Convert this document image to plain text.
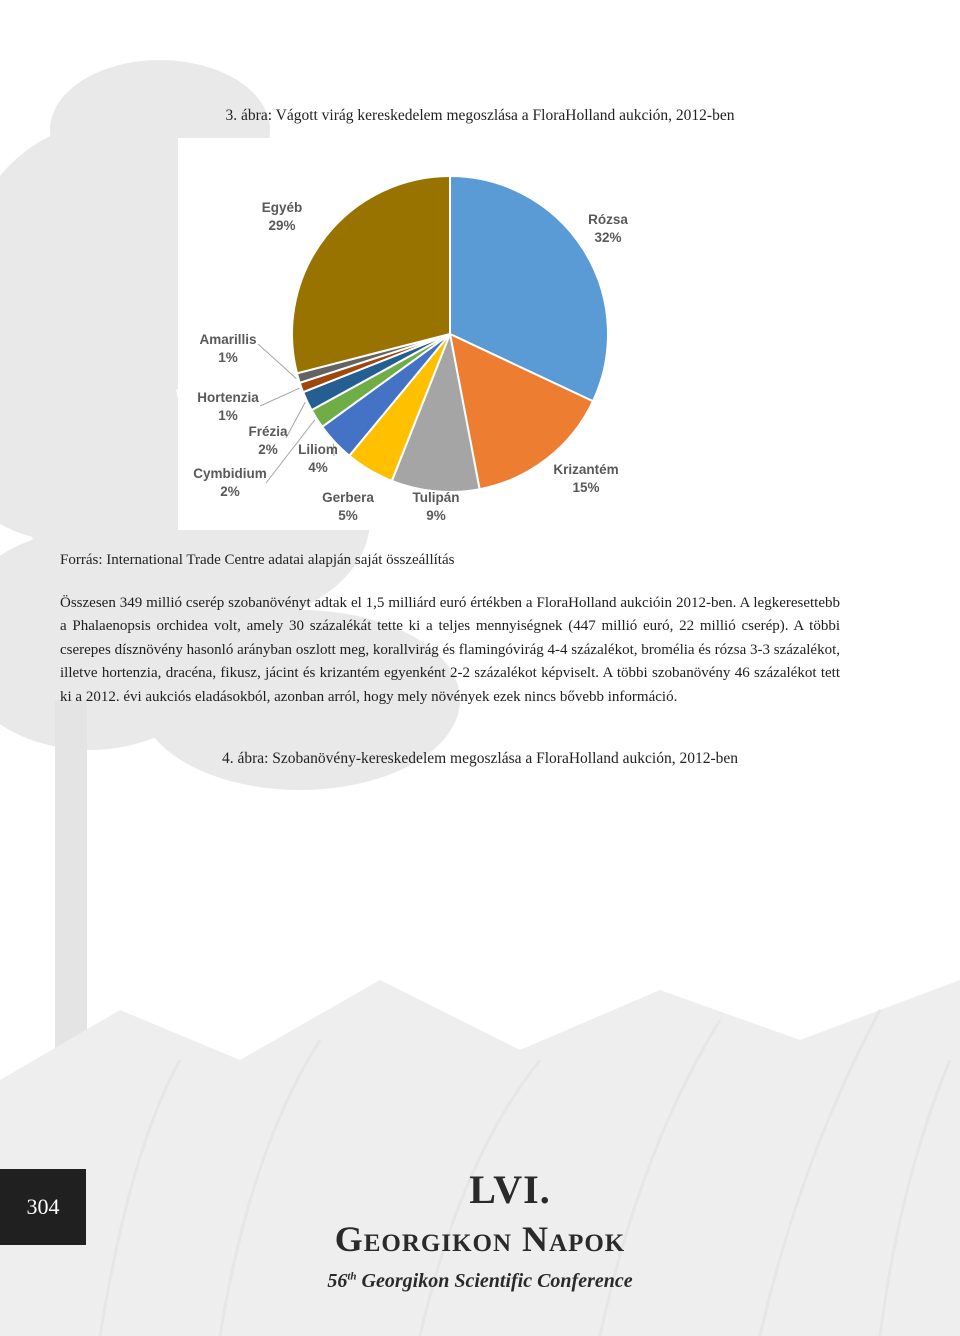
3. ábra: Vágott virág kereskedelem megoszlása a FloraHolland aukción, 2012-ben
Rózsa
32%
Krizantém
15%
Tulipán
9%
Gerbera
5%
Liliom
4%
Cymbidium
2%
Frézia
2%
Hortenzia
1%
Amarillis
1%
Egyéb
29%
Forrás: International Trade Centre adatai alapján saját összeállítás

Összesen 349 millió cserép szobanövényt adtak el 1,5 milliárd euró értékben a FloraHolland aukcióin 2012-ben. A legkeresettebb a Phalaenopsis orchidea volt, amely 30 százalékát tette ki a teljes mennyiségnek (447 millió euró, 22 millió cserép). A többi cserepes dísznövény hasonló arányban oszlott meg, korallvirág és flamingóvirág 4-4 százalékot, bromélia és rózsa 3-3 százalékot, illetve hortenzia, dracéna, fikusz, jácint és krizantém egyenként 2-2 százalékot képviselt. A többi szobanövény 46 százalékot tett ki a 2012. évi aukciós eladásokból, azonban arról, hogy mely növények ezek nincs bővebb információ.

4. ábra: Szobanövény-kereskedelem megoszlása a FloraHolland aukción, 2012-ben
304	LVI.
Georgikon Napok
56th Georgikon Scientific Conference
